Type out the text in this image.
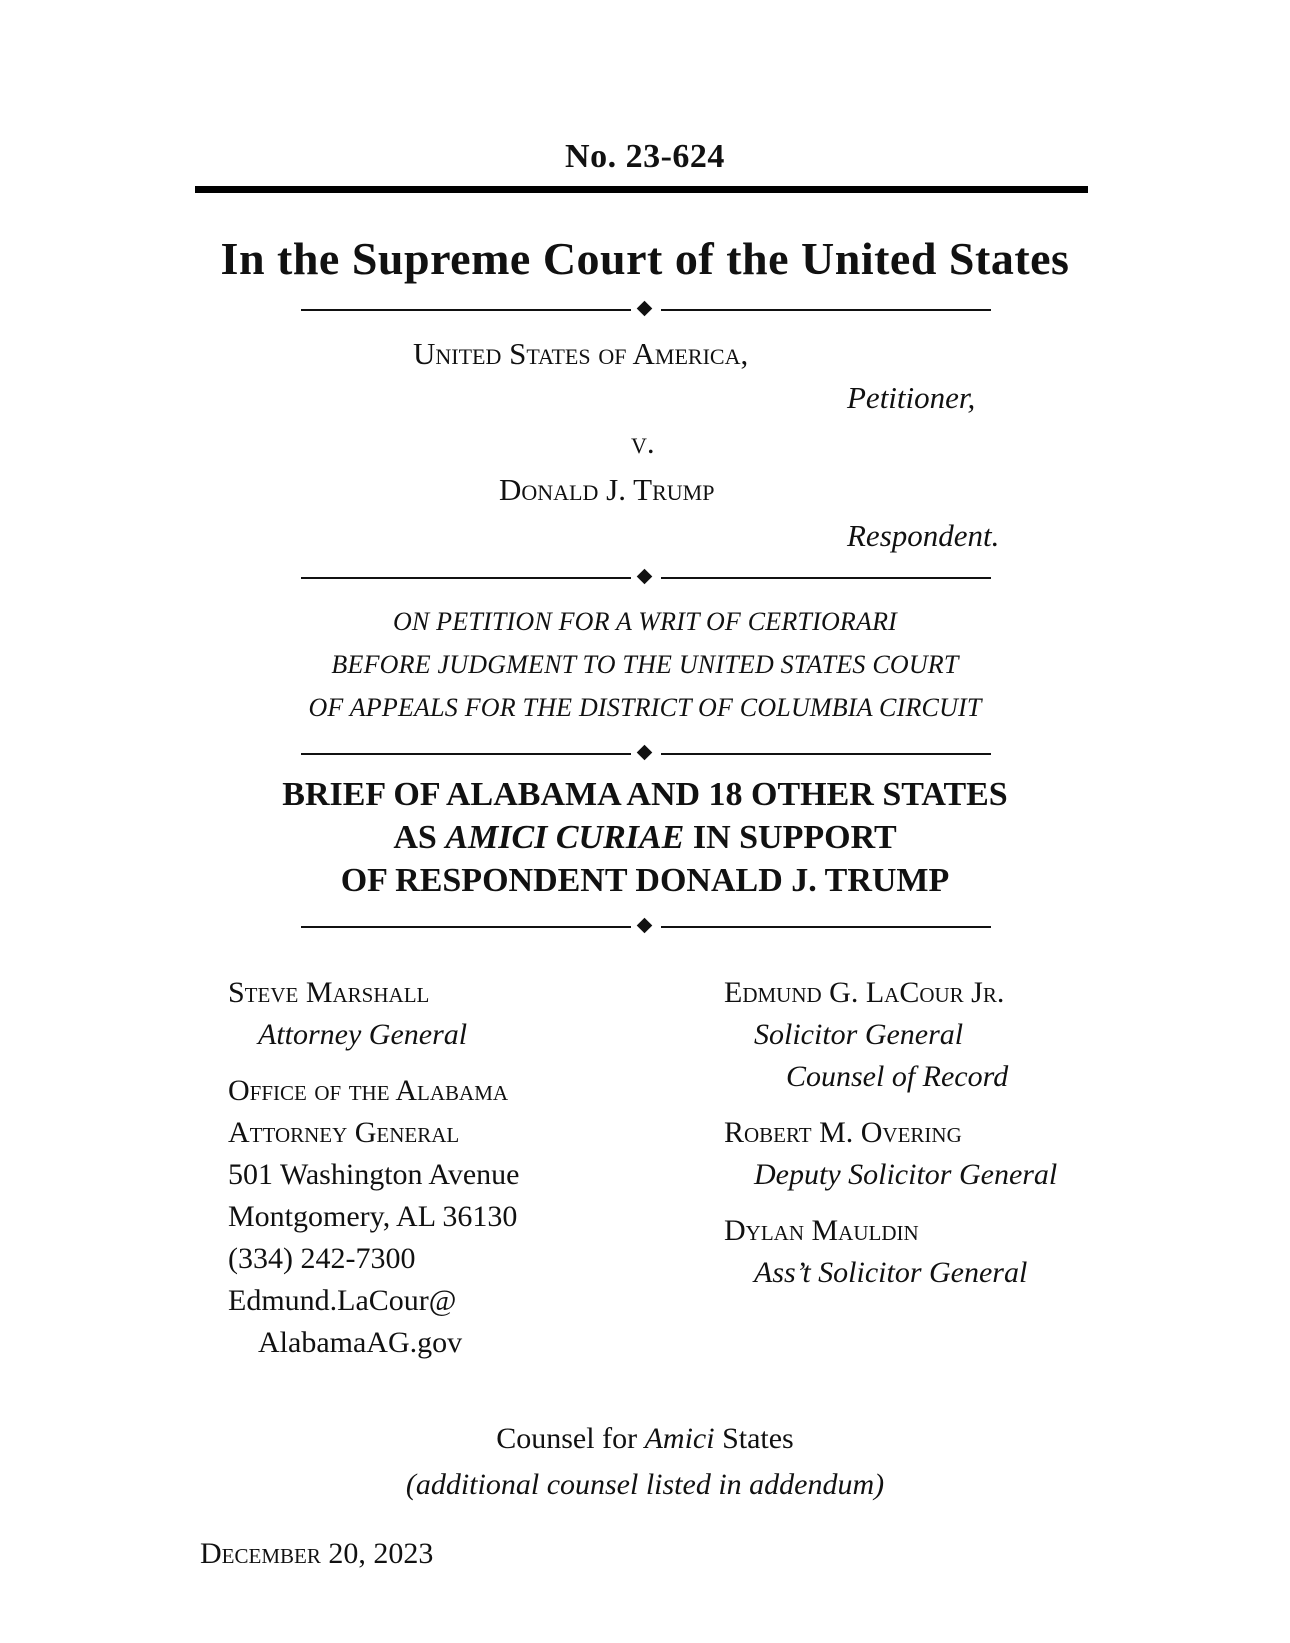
No. 23-624
In the Supreme Court of the United States
United States of America,
Petitioner,
v.
Donald J. Trump
Respondent.
ON PETITION FOR A WRIT OF CERTIORARI
BEFORE JUDGMENT TO THE UNITED STATES COURT
OF APPEALS FOR THE DISTRICT OF COLUMBIA CIRCUIT
BRIEF OF ALABAMA AND 18 OTHER STATES
AS AMICI CURIAE IN SUPPORT
OF RESPONDENT DONALD J. TRUMP
Steve Marshall
Attorney General
Office of the Alabama
Attorney General
501 Washington Avenue
Montgomery, AL 36130
(334) 242-7300
Edmund.LaCour@
AlabamaAG.gov
Edmund G. LaCour Jr.
Solicitor General
Counsel of Record
Robert M. Overing
Deputy Solicitor General
Dylan Mauldin
Ass’t Solicitor General
Counsel for Amici States
(additional counsel listed in addendum)
December 20, 2023
